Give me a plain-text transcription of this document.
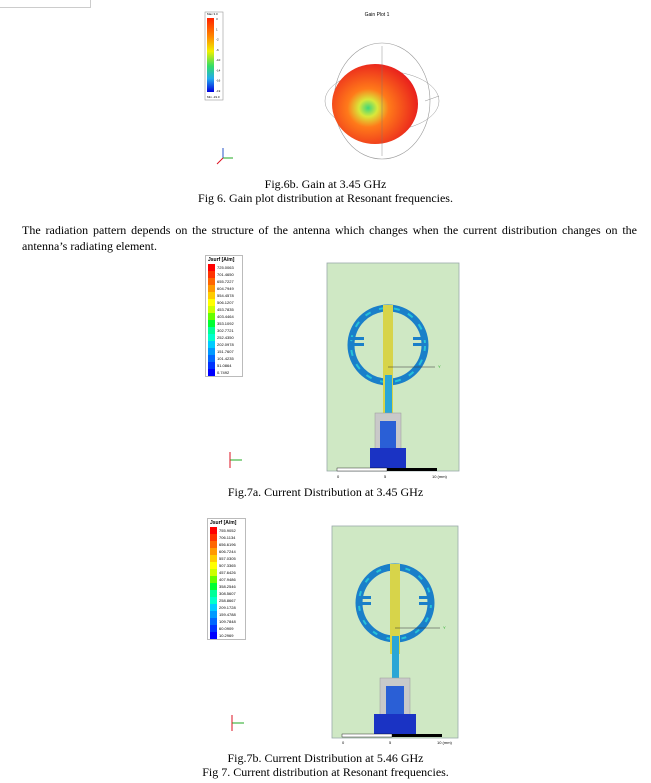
Gain Plot 1
Max 3.0
3
1
-2
-6
-10
-14
-16
-19
Min -19.0
Fig.6b. Gain at 3.45 GHz
Fig 6. Gain plot distribution at Resonant frequencies.
The radiation pattern depends on the structure of the antenna which changes when the current distribution changes on the antenna’s radiating element.
Jsurf [A/m]
725.0063
701.4650
655.7227
604.7949
554.4578
506.1207
453.7835
403.4464
353.1092
302.7721
252.4350
202.0978
151.7607
101.4235
51.0864
0.7492
Y
0	5	10 (mm)
Fig.7a. Current Distribution at 3.45 GHz
Jsurf [A/m]
755.9052
706.1134
656.6196
606.7244
557.0305
507.3365
457.6426
407.9486
358.2546
308.5607
258.8667
209.1728
159.4788
109.7848
60.0909
10.2969
Y
0	5	10 (mm)
Fig.7b. Current Distribution at 5.46 GHz
Fig 7. Current distribution at Resonant frequencies.
